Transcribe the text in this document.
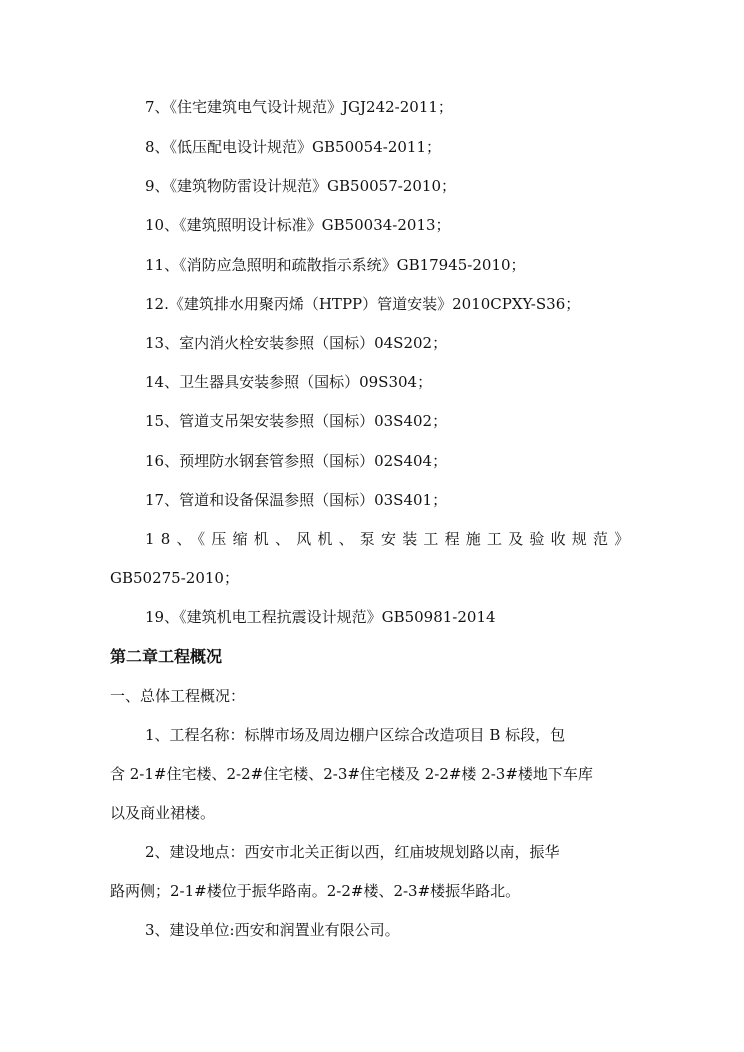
7、《住宅建筑电气设计规范》JGJ242-2011；
8、《低压配电设计规范》GB50054-2011；
9、《建筑物防雷设计规范》GB50057-2010；
10、《建筑照明设计标准》GB50034-2013；
11、《消防应急照明和疏散指示系统》GB17945-2010；
12.《建筑排水用聚丙烯（HTPP）管道安装》2010CPXY-S36；
13、室内消火栓安装参照（国标）04S202；
14、卫生器具安装参照（国标）09S304；
15、管道支吊架安装参照（国标）03S402；
16、预埋防水钢套管参照（国标）02S404；
17、管道和设备保温参照（国标）03S401；
18、《压缩机、风机、泵安装工程施工及验收规范》
GB50275-2010；
19、《建筑机电工程抗震设计规范》GB50981-2014
第二章工程概况
一、总体工程概况：
1、工程名称：标牌市场及周边棚户区综合改造项目 B 标段，包
含 2-1#住宅楼、2-2#住宅楼、2-3#住宅楼及 2-2#楼 2-3#楼地下车库
以及商业裙楼。
2、建设地点：西安市北关正街以西，红庙坡规划路以南，振华
路两侧；2-1#楼位于振华路南。2-2#楼、2-3#楼振华路北。
3、建设单位:西安和润置业有限公司。
